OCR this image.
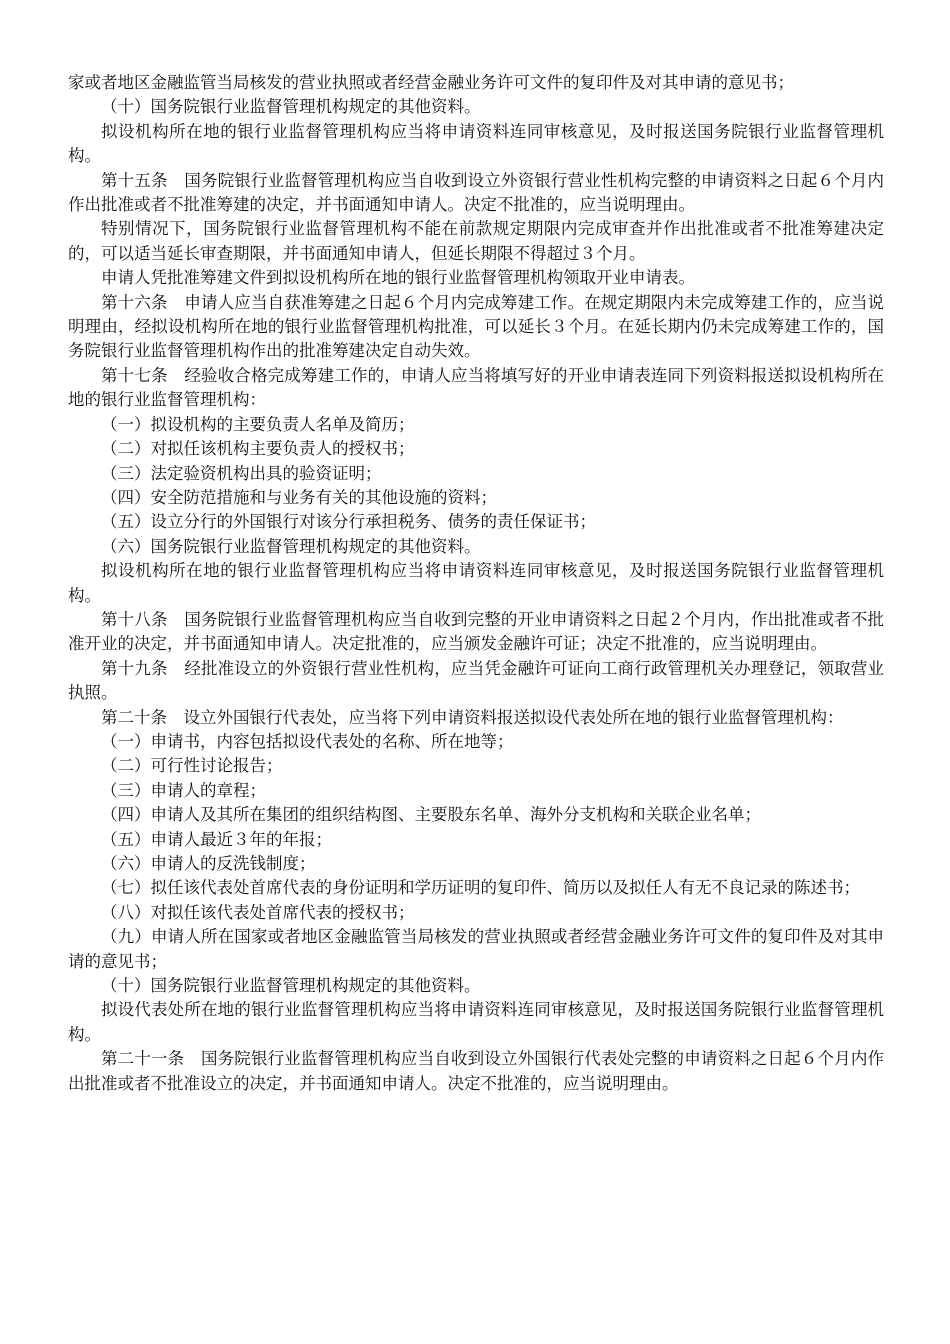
家或者地区金融监管当局核发的营业执照或者经营金融业务许可文件的复印件及对其申请的意见书；

（十）国务院银行业监督管理机构规定的其他资料。

拟设机构所在地的银行业监督管理机构应当将申请资料连同审核意见，及时报送国务院银行业监督管理机构。

第十五条　国务院银行业监督管理机构应当自收到设立外资银行营业性机构完整的申请资料之日起６个月内作出批准或者不批准筹建的决定，并书面通知申请人。决定不批准的，应当说明理由。

特别情况下，国务院银行业监督管理机构不能在前款规定期限内完成审查并作出批准或者不批准筹建决定的，可以适当延长审查期限，并书面通知申请人，但延长期限不得超过３个月。

申请人凭批准筹建文件到拟设机构所在地的银行业监督管理机构领取开业申请表。

第十六条　申请人应当自获准筹建之日起６个月内完成筹建工作。在规定期限内未完成筹建工作的，应当说明理由，经拟设机构所在地的银行业监督管理机构批准，可以延长３个月。在延长期内仍未完成筹建工作的，国务院银行业监督管理机构作出的批准筹建决定自动失效。

第十七条　经验收合格完成筹建工作的，申请人应当将填写好的开业申请表连同下列资料报送拟设机构所在地的银行业监督管理机构：

（一）拟设机构的主要负责人名单及简历；

（二）对拟任该机构主要负责人的授权书；

（三）法定验资机构出具的验资证明；

（四）安全防范措施和与业务有关的其他设施的资料；

（五）设立分行的外国银行对该分行承担税务、债务的责任保证书；

（六）国务院银行业监督管理机构规定的其他资料。

拟设机构所在地的银行业监督管理机构应当将申请资料连同审核意见，及时报送国务院银行业监督管理机构。

第十八条　国务院银行业监督管理机构应当自收到完整的开业申请资料之日起２个月内，作出批准或者不批准开业的决定，并书面通知申请人。决定批准的，应当颁发金融许可证；决定不批准的，应当说明理由。

第十九条　经批准设立的外资银行营业性机构，应当凭金融许可证向工商行政管理机关办理登记，领取营业执照。

第二十条　设立外国银行代表处，应当将下列申请资料报送拟设代表处所在地的银行业监督管理机构：

（一）申请书，内容包括拟设代表处的名称、所在地等；

（二）可行性讨论报告；

（三）申请人的章程；

（四）申请人及其所在集团的组织结构图、主要股东名单、海外分支机构和关联企业名单；

（五）申请人最近３年的年报；

（六）申请人的反洗钱制度；

（七）拟任该代表处首席代表的身份证明和学历证明的复印件、简历以及拟任人有无不良记录的陈述书；

（八）对拟任该代表处首席代表的授权书；

（九）申请人所在国家或者地区金融监管当局核发的营业执照或者经营金融业务许可文件的复印件及对其申请的意见书；

（十）国务院银行业监督管理机构规定的其他资料。

拟设代表处所在地的银行业监督管理机构应当将申请资料连同审核意见，及时报送国务院银行业监督管理机构。

第二十一条　国务院银行业监督管理机构应当自收到设立外国银行代表处完整的申请资料之日起６个月内作出批准或者不批准设立的决定，并书面通知申请人。决定不批准的，应当说明理由。
